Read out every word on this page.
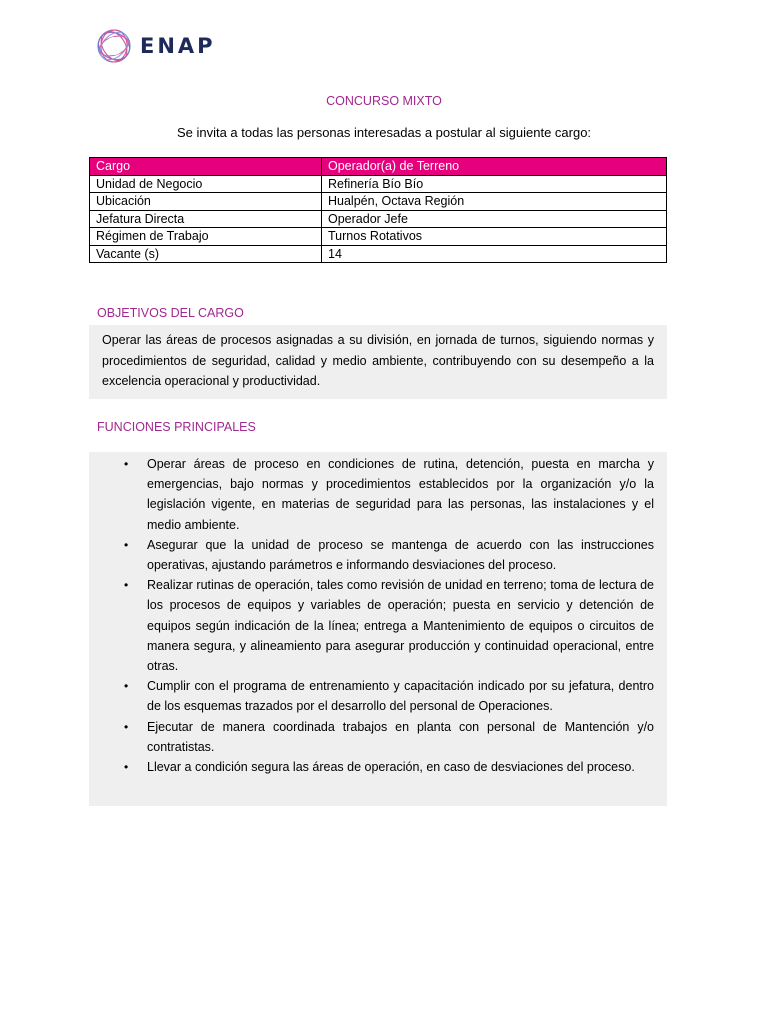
ENAP
CONCURSO MIXTO
Se invita a todas las personas interesadas a postular al siguiente cargo:
Cargo	Operador(a) de Terreno
Unidad de Negocio	Refinería Bío Bío
Ubicación	Hualpén, Octava Región
Jefatura Directa	Operador Jefe
Régimen de Trabajo	Turnos Rotativos
Vacante (s)	14
OBJETIVOS DEL CARGO
Operar las áreas de procesos asignadas a su división, en jornada de turnos, siguiendo normas y procedimientos de seguridad, calidad y medio ambiente, contribuyendo con su desempeño a la excelencia operacional y productividad.
FUNCIONES PRINCIPALES
• Operar áreas de proceso en condiciones de rutina, detención, puesta en marcha y emergencias, bajo normas y procedimientos establecidos por la organización y/o la legislación vigente, en materias de seguridad para las personas, las instalaciones y el medio ambiente.
• Asegurar que la unidad de proceso se mantenga de acuerdo con las instrucciones operativas, ajustando parámetros e informando desviaciones del proceso.
• Realizar rutinas de operación, tales como revisión de unidad en terreno; toma de lectura de los procesos de equipos y variables de operación; puesta en servicio y detención de equipos según indicación de la línea; entrega a Mantenimiento de equipos o circuitos de manera segura, y alineamiento para asegurar producción y continuidad operacional, entre otras.
• Cumplir con el programa de entrenamiento y capacitación indicado por su jefatura, dentro de los esquemas trazados por el desarrollo del personal de Operaciones.
• Ejecutar de manera coordinada trabajos en planta con personal de Mantención y/o contratistas.
• Llevar a condición segura las áreas de operación, en caso de desviaciones del proceso.
